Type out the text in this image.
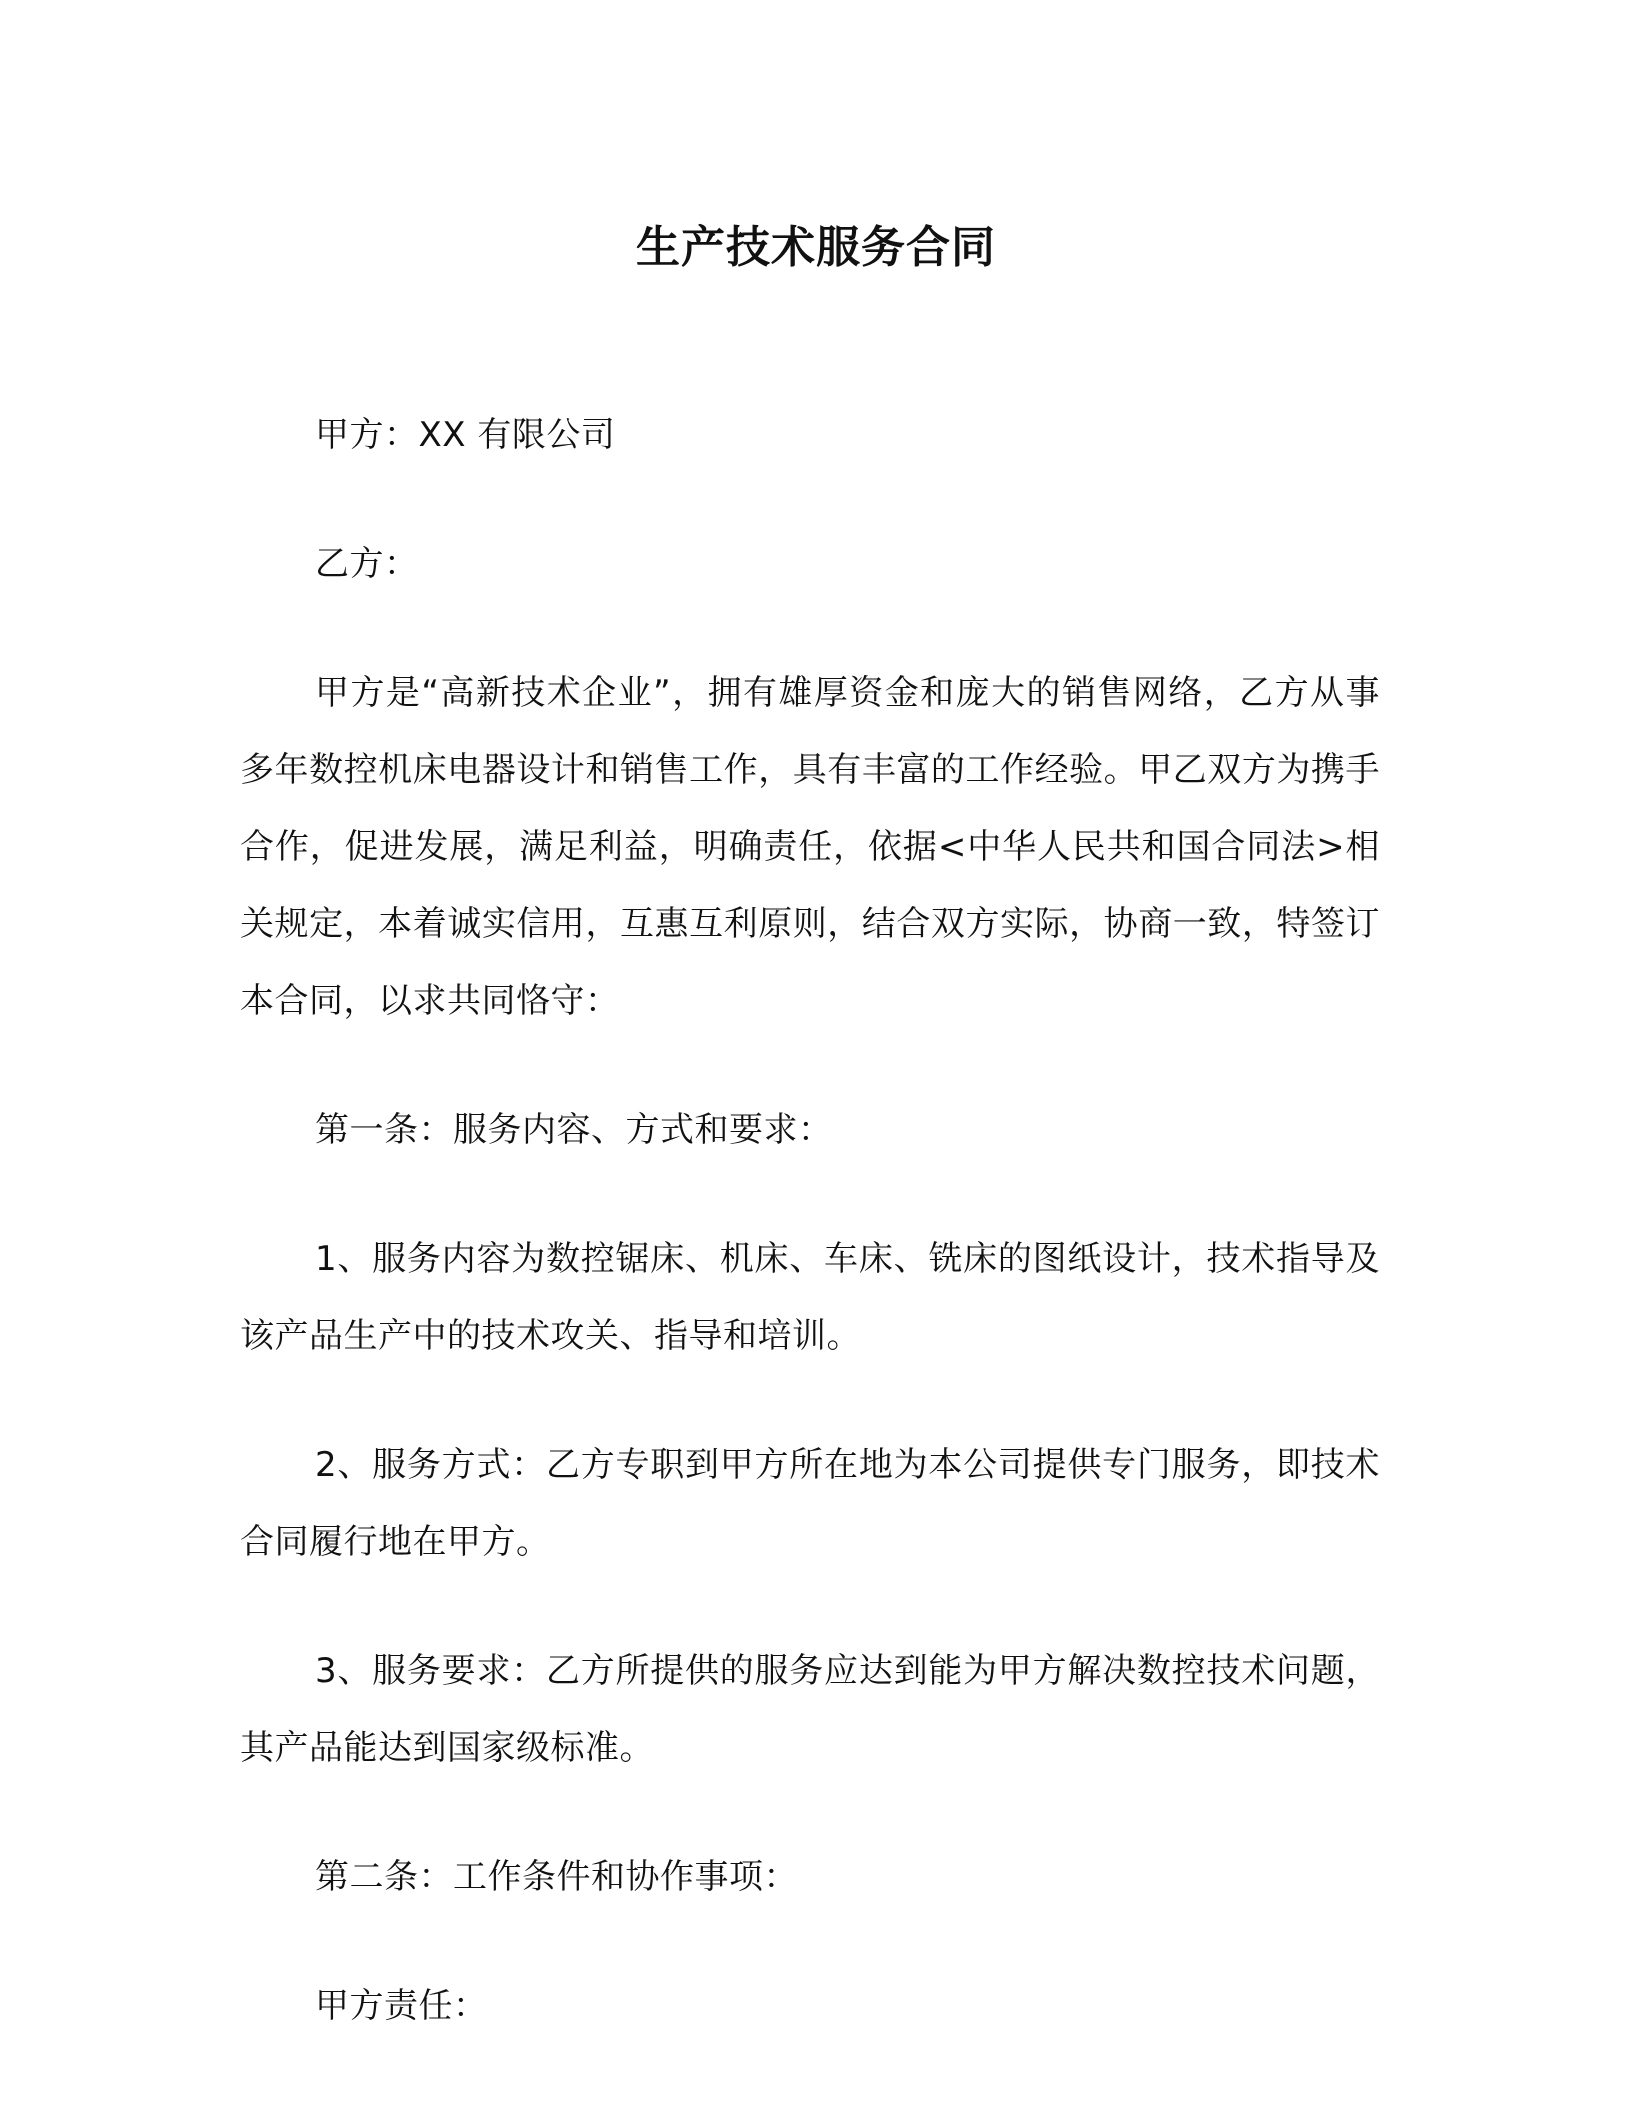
生产技术服务合同

甲方：XX 有限公司

乙方：

甲方是“高新技术企业”，拥有雄厚资金和庞大的销售网络，乙方从事多年数控机床电器设计和销售工作，具有丰富的工作经验。甲乙双方为携手合作，促进发展，满足利益，明确责任，依据<中华人民共和国合同法>相关规定，本着诚实信用，互惠互利原则，结合双方实际，协商一致，特签订本合同，以求共同恪守：

第一条：服务内容、方式和要求：

1、服务内容为数控锯床、机床、车床、铣床的图纸设计，技术指导及该产品生产中的技术攻关、指导和培训。

2、服务方式：乙方专职到甲方所在地为本公司提供专门服务，即技术合同履行地在甲方。

3、服务要求：乙方所提供的服务应达到能为甲方解决数控技术问题，其产品能达到国家级标准。

第二条：工作条件和协作事项：

甲方责任：
